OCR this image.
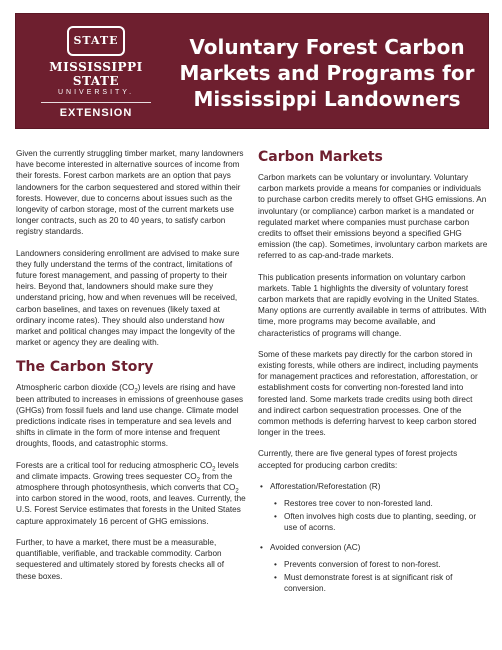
STATE
MISSISSIPPI STATE
UNIVERSITY.
EXTENSION
Voluntary Forest Carbon Markets and Programs for Mississippi Landowners

Given the currently struggling timber market, many landowners have become interested in alternative sources of income from their forests. Forest carbon markets are an option that pays landowners for the carbon sequestered and stored within their forests. However, due to concerns about issues such as the longevity of carbon storage, most of the current markets use longer contracts, such as 20 to 40 years, to satisfy carbon registry standards.

Landowners considering enrollment are advised to make sure they fully understand the terms of the contract, limitations of future forest management, and passing of property to their heirs. Beyond that, landowners should make sure they understand pricing, how and when revenues will be received, carbon baselines, and taxes on revenues (likely taxed at ordinary income rates). They should also understand how market and political changes may impact the longevity of the market or agency they are dealing with.

The Carbon Story

Atmospheric carbon dioxide $(CO_2)$ levels are rising and have been attributed to increases in emissions of greenhouse gases (GHGs) from fossil fuels and land use change. Climate model predictions indicate rises in temperature and sea levels and shifts in climate in the form of more intense and frequent droughts, floods, and catastrophic storms.

Forests are a critical tool for reducing atmospheric $CO_2$ levels and climate impacts. Growing trees sequester $CO_2$ from the atmosphere through photosynthesis, which converts that $CO_2$ into carbon stored in the wood, roots, and leaves. Currently, the U.S. Forest Service estimates that forests in the United States capture approximately 16 percent of GHG emissions.

Further, to have a market, there must be a measurable, quantifiable, verifiable, and trackable commodity. Carbon sequestered and ultimately stored by forests checks all of these boxes.

Carbon Markets

Carbon markets can be voluntary or involuntary. Voluntary carbon markets provide a means for companies or individuals to purchase carbon credits merely to offset GHG emissions. An involuntary (or compliance) carbon market is a mandated or regulated market where companies must purchase carbon credits to offset their emissions beyond a specified GHG emission (the cap). Sometimes, involuntary carbon markets are referred to as cap-and-trade markets.

This publication presents information on voluntary carbon markets. Table 1 highlights the diversity of voluntary forest carbon markets that are rapidly evolving in the United States. Many options are currently available in terms of attributes. With time, more programs may become available, and characteristics of programs will change.

Some of these markets pay directly for the carbon stored in existing forests, while others are indirect, including payments for management practices and reforestation, afforestation, or establishment costs for converting non-forested land into forested land. Some markets trade credits using both direct and indirect carbon sequestration processes. One of the common methods is deferring harvest to keep carbon stored longer in the trees.

Currently, there are five general types of forest projects accepted for producing carbon credits:

• Afforestation/Reforestation (R)
• Restores tree cover to non-forested land.
• Often involves high costs due to planting, seeding, or use of acorns.
• Avoided conversion (AC)
• Prevents conversion of forest to non-forest.
• Must demonstrate forest is at significant risk of conversion.
